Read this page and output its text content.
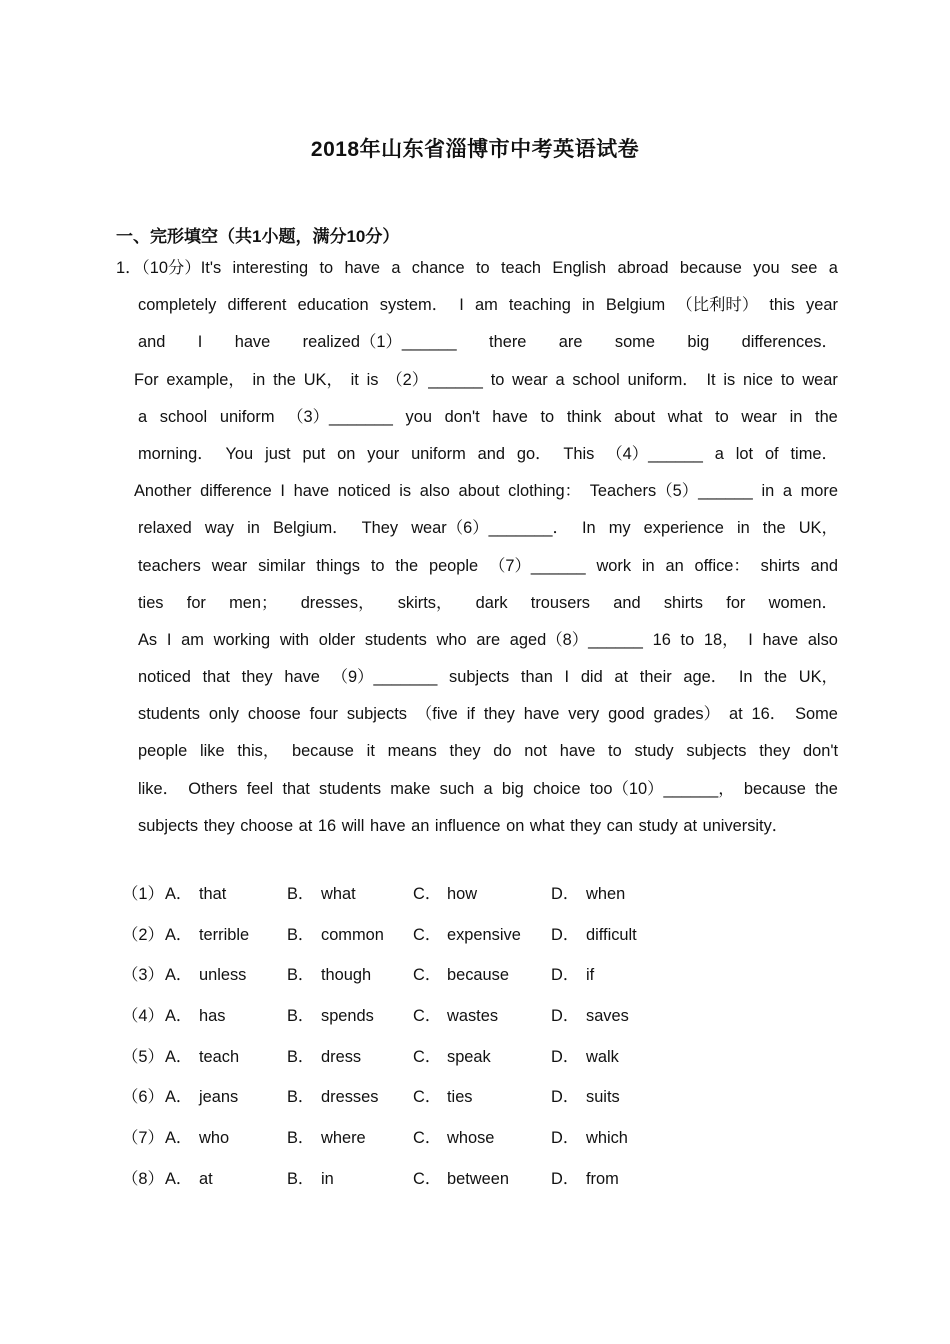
2018年山东省淄博市中考英语试卷
一、完形填空（共1小题，满分10分）
1．（10分）It's interesting to have a chance to teach English abroad because you see a
completely different education system． I am teaching in Belgium （比利时） this year
and I have realized（1）______ there are some big differences．
For example， in the UK， it is （2）______ to wear a school uniform． It is nice to wear
a school uniform （3）_______ you don't have to think about what to wear in the
morning． You just put on your uniform and go． This （4）______ a lot of time．
Another difference I have noticed is also about clothing： Teachers（5）______ in a more
relaxed way in Belgium． They wear（6）_______． In my experience in the UK，
teachers wear similar things to the people （7）______ work in an office： shirts and
ties for men； dresses， skirts， dark trousers and shirts for women．
As I am working with older students who are aged（8）______ 16 to 18， I have also
noticed that they have （9）_______ subjects than I did at their age． In the UK，
students only choose four subjects （five if they have very good grades） at 16． Some
people like this， because it means they do not have to study subjects they don't
like． Others feel that students make such a big choice too（10）______， because the
subjects they choose at 16 will have an influence on what they can study at university．
（1） A． that	B． what	C． how	D． when
（2） A． terrible B． common C． expensive D． difficult
（3） A． unless B． though	C． because	D． if
（4） A． has	B． spends C． wastes	D． saves
（5） A． teach	B． dress	C． speak	D． walk
（6） A． jeans	B． dresses C． ties	D． suits
（7） A． who	B． where	C． whose	D． which
（8） A． at	B． in	C． between	D． from
